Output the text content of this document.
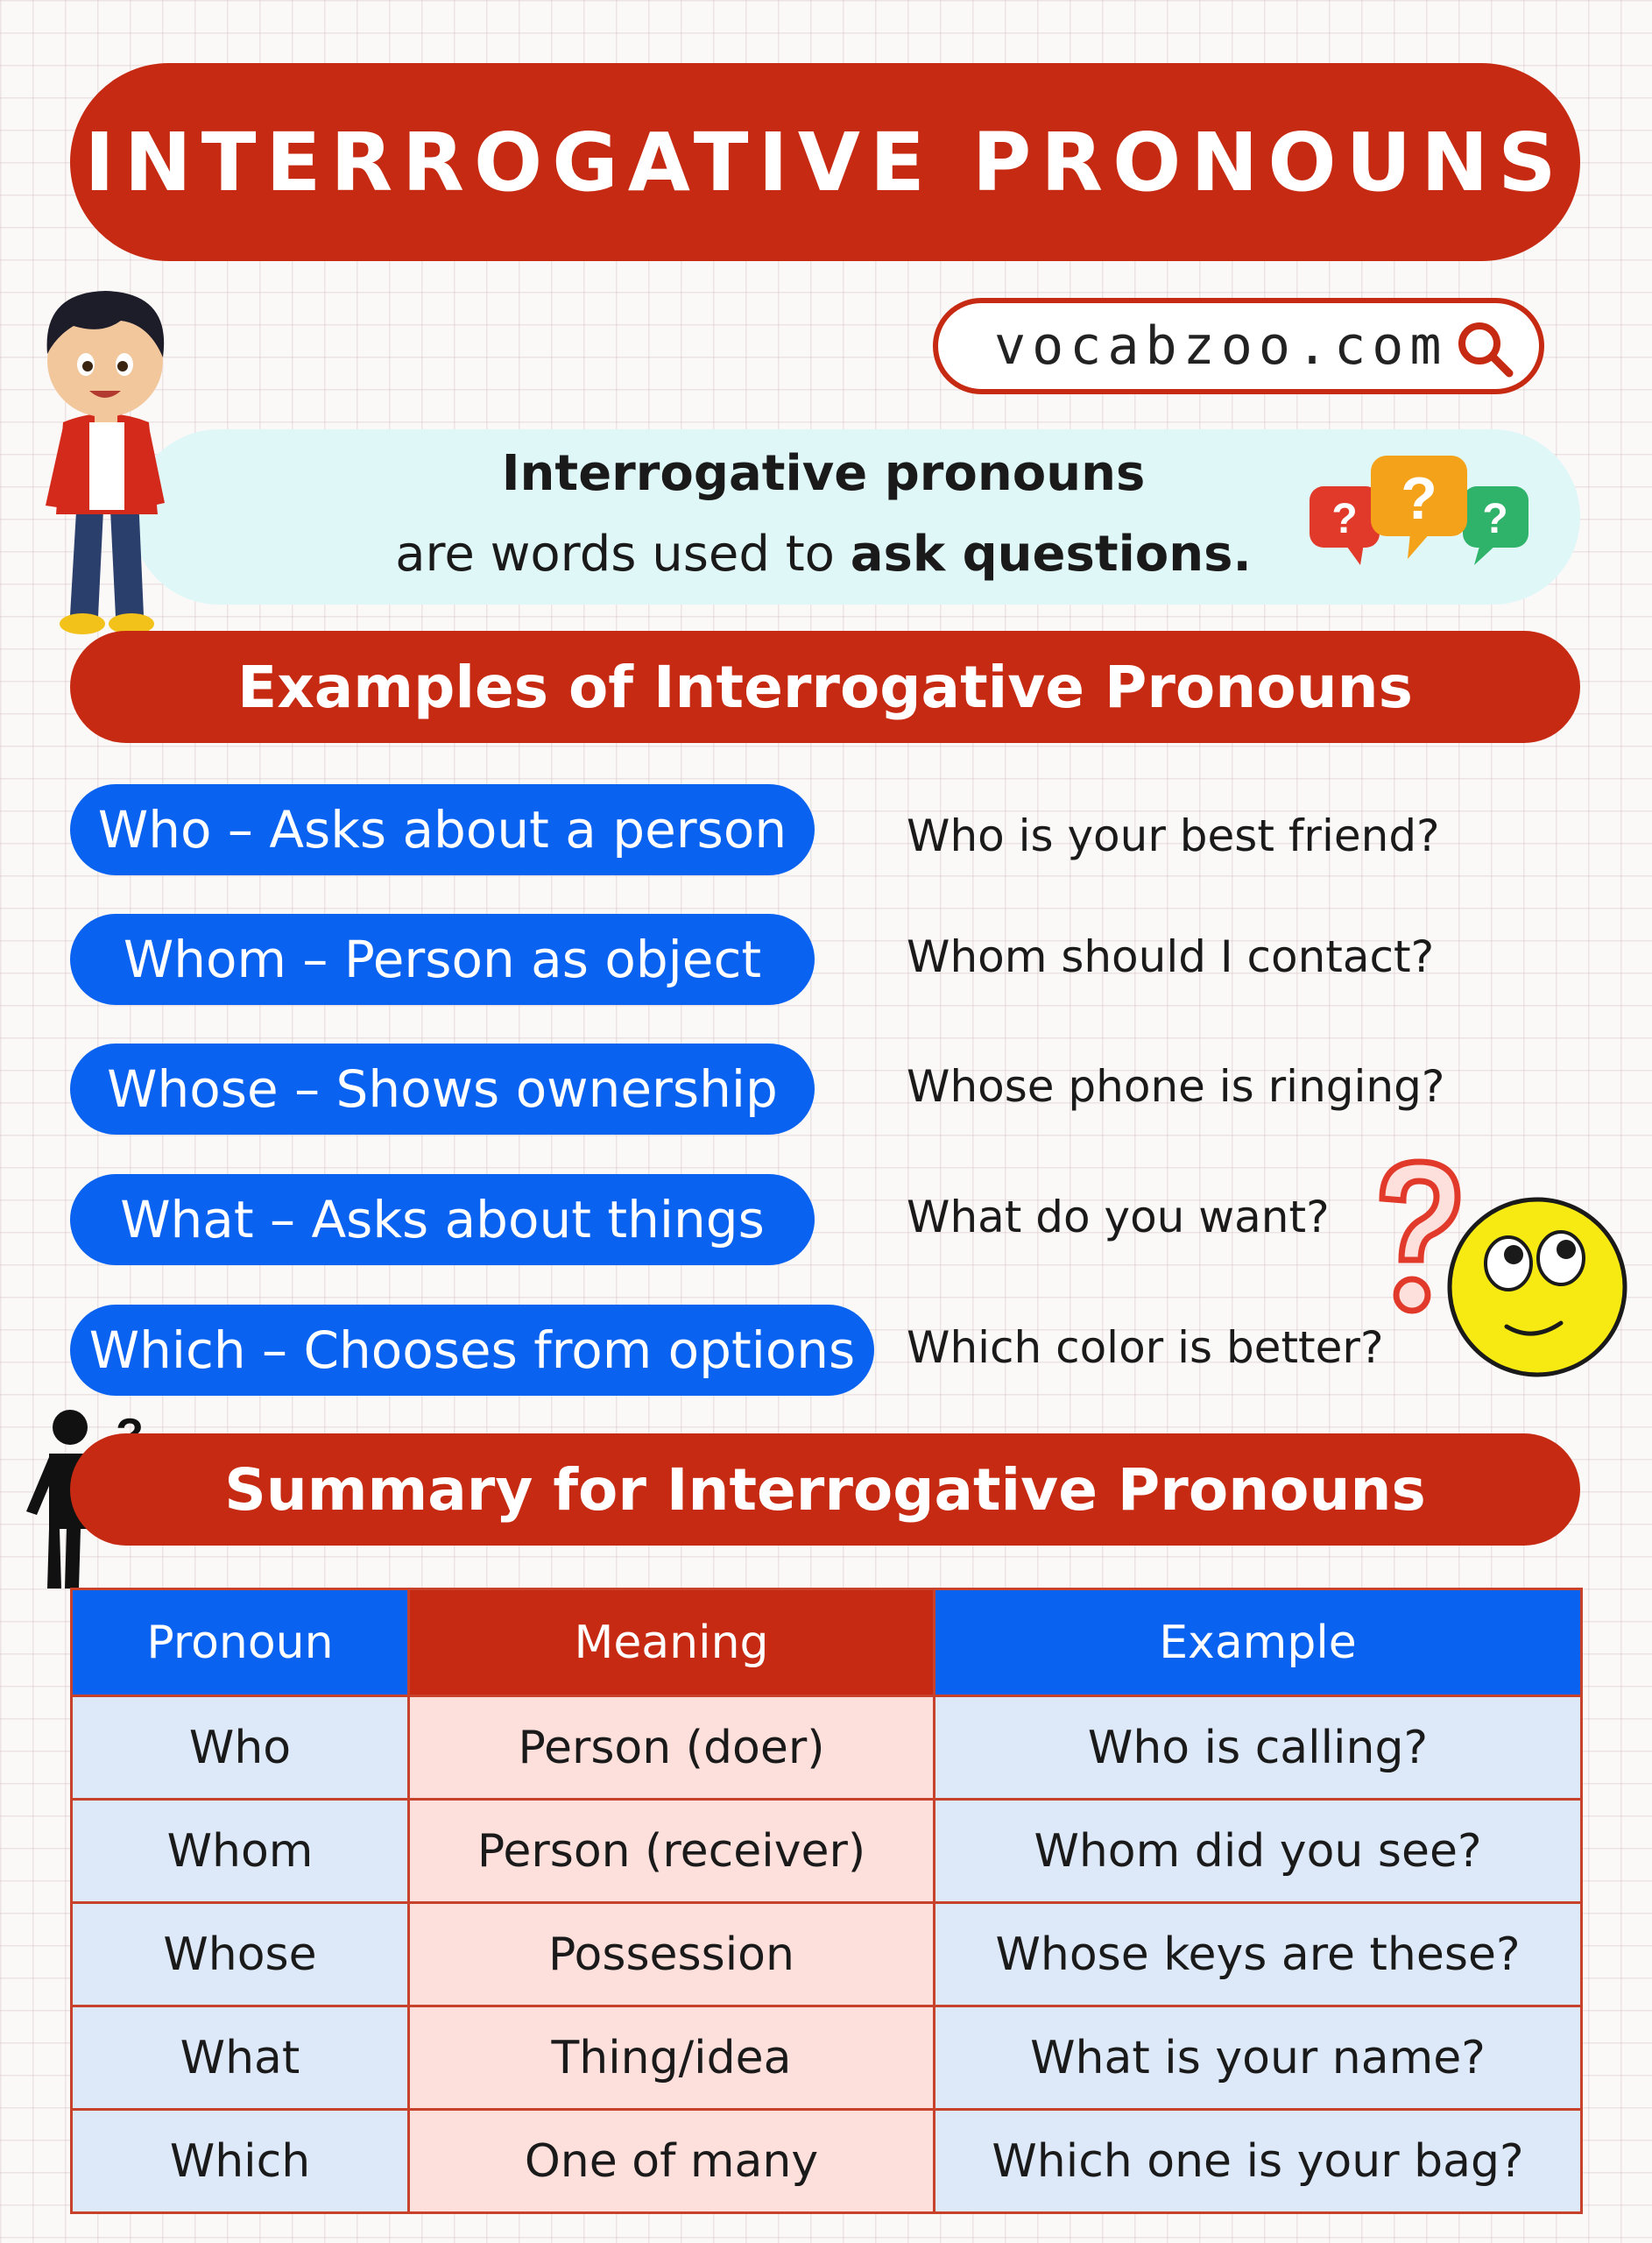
INTERROGATIVE PRONOUNS
vocabzoo.com
Interrogative pronouns
are words used to ask questions.
?	?
?
Examples of Interrogative Pronouns
Who – Asks about a person
Whom – Person as object
Whose – Shows ownership
What – Asks about things
Which – Chooses from options
Who is your best friend?
Whom should I contact?
Whose phone is ringing?
What do you want?
Which color is better?
Summary for Interrogative Pronouns
Pronoun	Meaning	Example
Who	Person (doer)	Who is calling?
Whom	Person (receiver)	Whom did you see?
Whose	Possession	Whose keys are these?
What	Thing/idea	What is your name?
Which	One of many	Which one is your bag?
